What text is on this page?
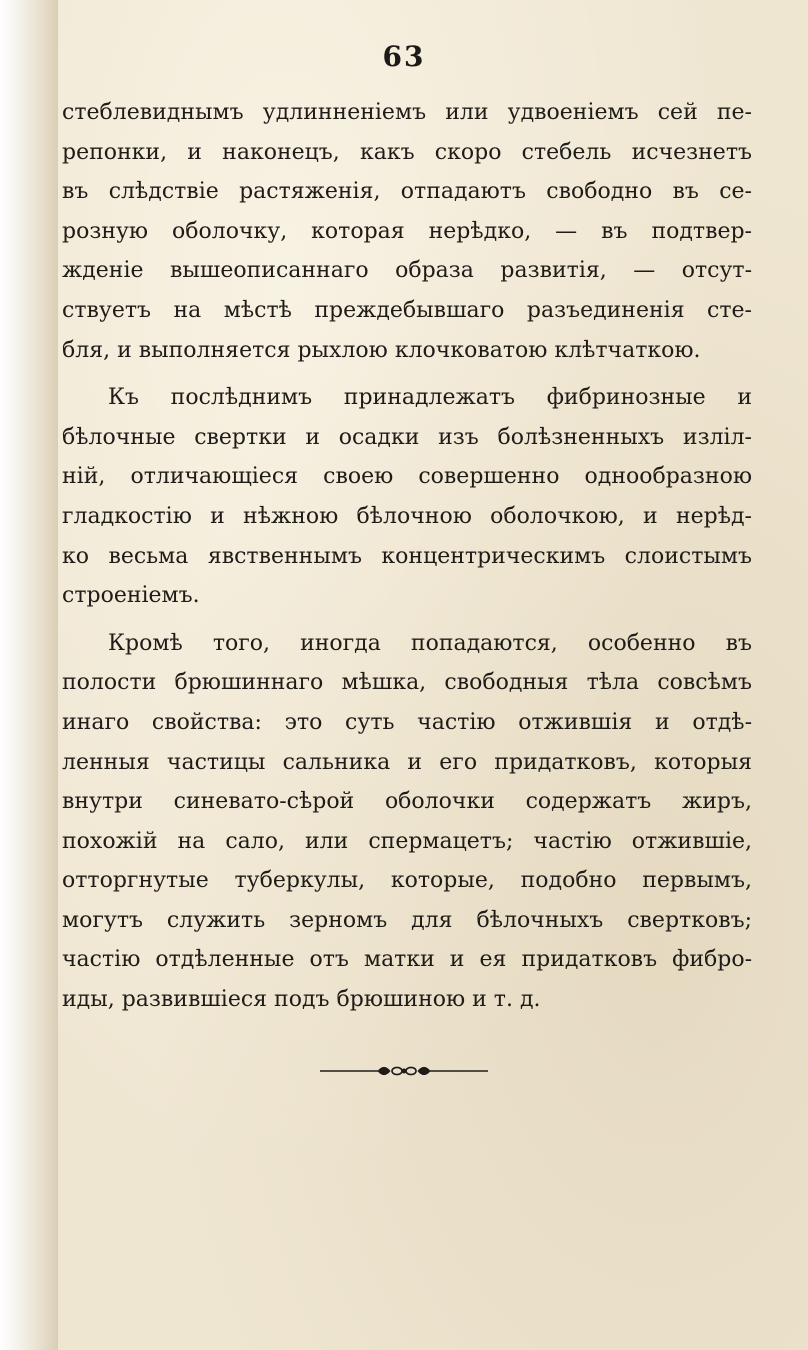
63
стеблевиднымъ удлинненіемъ или удвоеніемъ сей пе-
репонки, и наконецъ, какъ скоро стебель исчезнетъ
въ слѣдствіе растяженія, отпадаютъ свободно въ се-
розную оболочку, которая нерѣдко, — въ подтвер-
жденіе вышеописаннаго образа развитія, — отсут-
ствуетъ на мѣстѣ преждебывшаго разъединенія сте-
бля, и выполняется рыхлою клочковатою клѣтчаткою.
Къ послѣднимъ принадлежатъ фибринозные и
бѣлочные свертки и осадки изъ болѣзненныхъ изліл-
ній, отличающіеся своею совершенно однообразною
гладкостію и нѣжною бѣлочною оболочкою, и нерѣд-
ко весьма явственнымъ концентрическимъ слоистымъ
строеніемъ.
Кромѣ того, иногда попадаются, особенно въ
полости брюшиннаго мѣшка, свободныя тѣла совсѣмъ
инаго свойства: это суть частію отжившія и отдѣ-
ленныя частицы сальника и его придатковъ, которыя
внутри синевато-сѣрой оболочки содержатъ жиръ,
похожій на сало, или спермацетъ; частію отжившіе,
отторгнутые туберкулы, которые, подобно первымъ,
могутъ служить зерномъ для бѣлочныхъ свертковъ;
частію отдѣленные отъ матки и ея придатковъ фибро-
иды, развившіеся подъ брюшиною и т. д.
